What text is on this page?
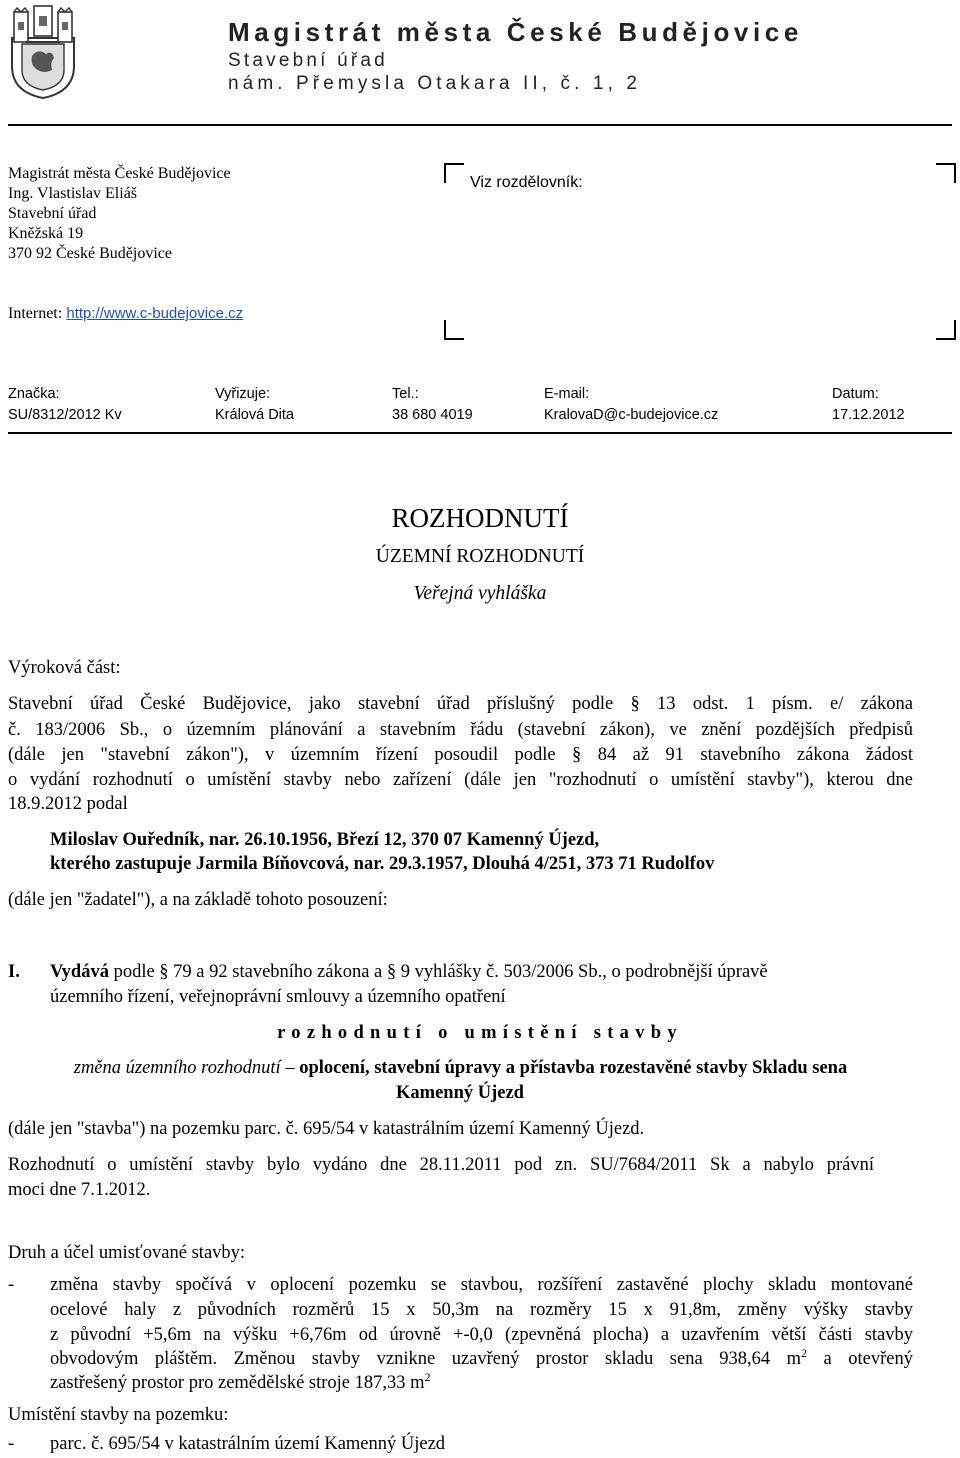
Magistrát města České Budějovice
Stavební úřad
nám. Přemysla Otakara II, č. 1, 2
Magistrát města České Budějovice
Ing. Vlastislav Eliáš
Stavební úřad
Kněžská 19
370 92 České Budějovice
Internet: http://www.c-budejovice.cz
Viz rozdělovník:
Značka:
SU/8312/2012 Kv
Vyřizuje:
Králová Dita
Tel.:
38 680 4019
E-mail:
KralovaD@c-budejovice.cz
Datum:
17.12.2012
ROZHODNUTÍ
ÚZEMNÍ ROZHODNUTÍ
Veřejná vyhláška
Výroková část:
Stavební úřad České Budějovice, jako stavební úřad příslušný podle § 13 odst. 1 písm. e/ zákona
č. 183/2006 Sb., o územním plánování a stavebním řádu (stavební zákon), ve znění pozdějších předpisů
(dále jen "stavební zákon"), v územním řízení posoudil podle § 84 až 91 stavebního zákona žádost
o vydání rozhodnutí o umístění stavby nebo zařízení (dále jen "rozhodnutí o umístění stavby"), kterou dne
18.9.2012 podal
Miloslav Ouředník, nar. 26.10.1956, Březí 12, 370 07 Kamenný Újezd,
kterého zastupuje Jarmila Bíňovcová, nar. 29.3.1957, Dlouhá 4/251, 373 71 Rudolfov
(dále jen "žadatel"), a na základě tohoto posouzení:
I. Vydává podle § 79 a 92 stavebního zákona a § 9 vyhlášky č. 503/2006 Sb., o podrobnější úpravě
územního řízení, veřejnoprávní smlouvy a územního opatření
rozhodnutí o umístění stavby
změna územního rozhodnutí – oplocení, stavební úpravy a přístavba rozestavěné stavby Skladu sena
Kamenný Újezd
(dále jen "stavba") na pozemku parc. č. 695/54 v katastrálním území Kamenný Újezd.
Rozhodnutí o umístění stavby bylo vydáno dne 28.11.2011 pod zn. SU/7684/2011 Sk a nabylo právní
moci dne 7.1.2012.
Druh a účel umisťované stavby:
- změna stavby spočívá v oplocení pozemku se stavbou, rozšíření zastavěné plochy skladu montované
ocelové haly z původních rozměrů 15 x 50,3m na rozměry 15 x 91,8m, změny výšky stavby
z původní +5,6m na výšku +6,76m od úrovně +-0,0 (zpevněná plocha) a uzavřením větší části stavby
obvodovým pláštěm. Změnou stavby vznikne uzavřený prostor skladu sena 938,64 $m^2$ a otevřený
zastřešený prostor pro zemědělské stroje 187,33 $m^2$
Umístění stavby na pozemku:
- parc. č. 695/54 v katastrálním území Kamenný Újezd
